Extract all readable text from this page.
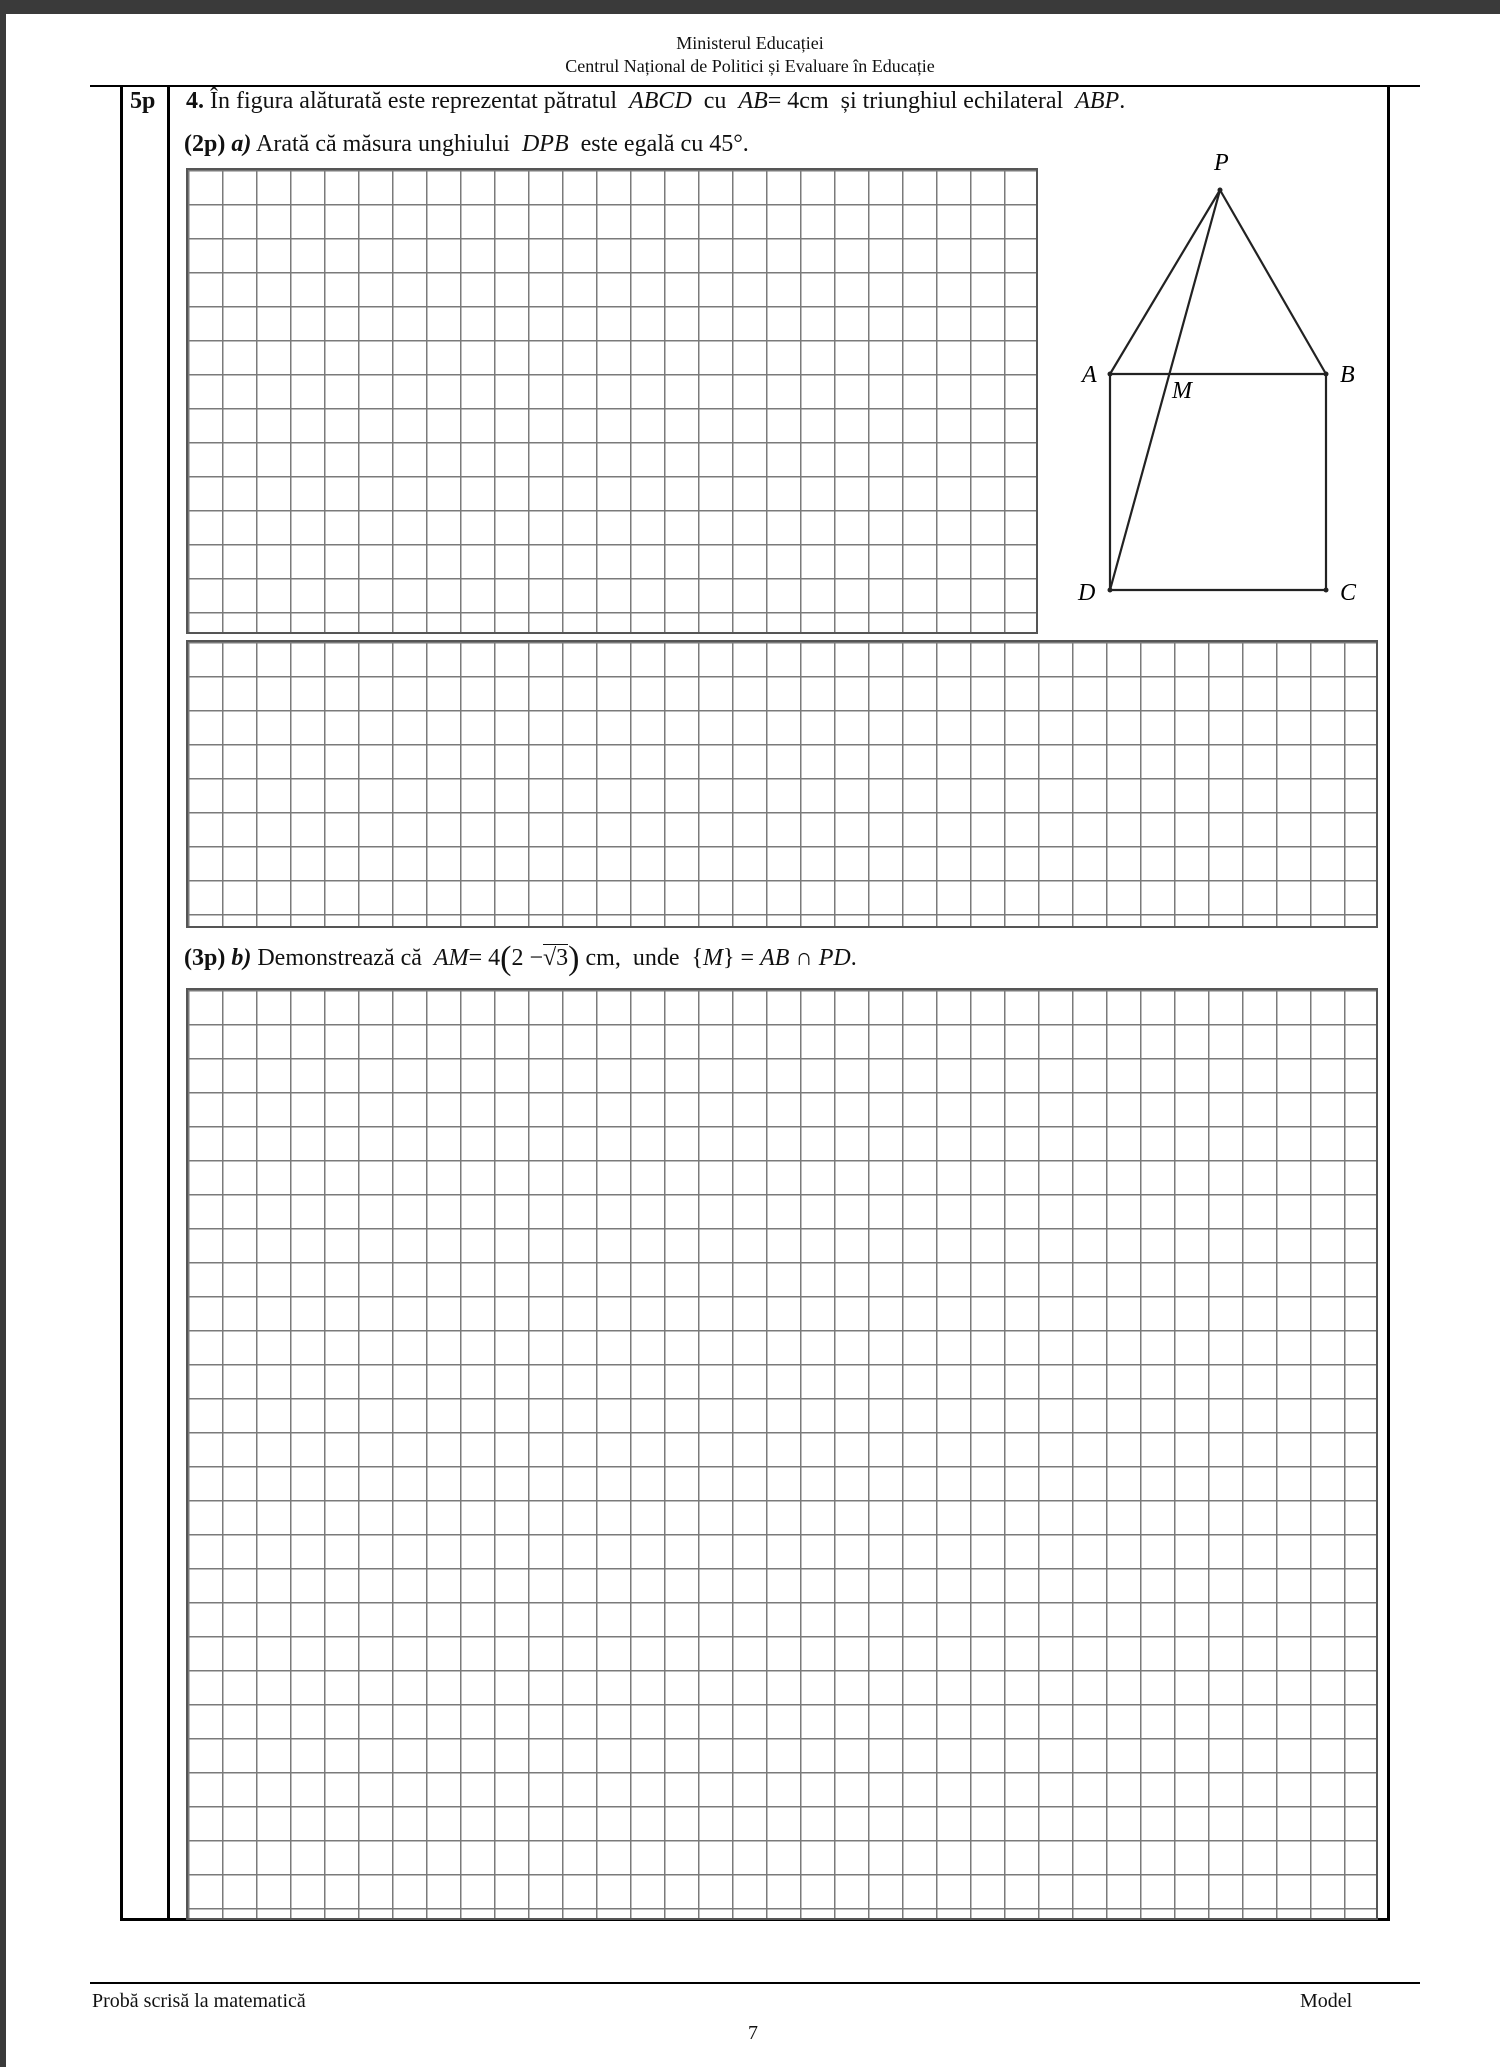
Ministerul Educației
Centrul Național de Politici și Evaluare în Educație
5p 4. În figura alăturată este reprezentat pătratul ABCD cu AB= 4cm și triunghiul echilateral ABP.
(2p) a) Arată că măsura unghiului DPB este egală cu 45°.
(3p) b) Demonstrează că AM= 4(2 −√3) cm, unde {M} = AB ∩ PD.
P
A	B
M
D	C
Probă scrisă la matematică	Model
7
